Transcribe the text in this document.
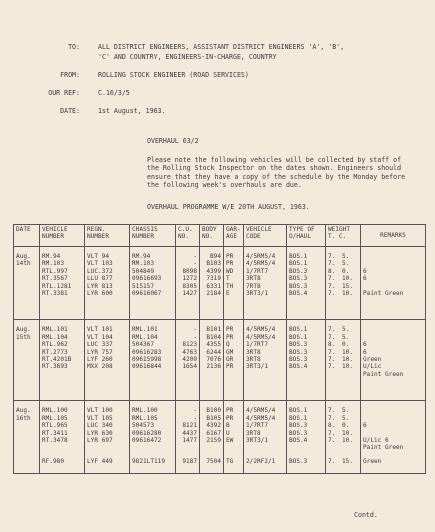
TO:	ALL DISTRICT ENGINEERS, ASSISTANT DISTRICT ENGINEERS 'A', 'B',
'C' AND COUNTRY, ENGINEERS-IN-CHARGE, COUNTRY
FROM:	ROLLING STOCK ENGINEER (ROAD SERVICES)
OUR REF:	C.16/3/5
DATE:	1st August, 1963.
OVERHAUL 63/2
Please note the following vehicles will be collected by staff of the Rolling Stock Inspector on the dates shown. Engineers should ensure that they have a copy of the schedule by the Monday before the following week's overhauls are due.
OVERHAUL PROGRAMME W/E 20TH AUGUST, 1963.
DATE	VEHICLE NUMBER	REGN. NUMBER	CHASSIS NUMBER	C.U. NO.	BODY NO.	GAR-AGE	VEHICLE CODE	TYPE OF O/HAUL	WEIGHT T. C.	REMARKS

Aug.	RM.94	VLT 94	RM.94	-	B94	PR	4/5RM5/4	BOS.1	7. 5.	
14th	RM.103	VLT 103	RM.103	-	B103	PR	4/5RM5/4	BOS.1	7. 5.	
	RTL.997	LUC.372	504849	8098	4399	WD	1/7RT7	BOS.3	8. 0.	6
	RT.3567	LLU 877	09616693	1272	7319	T	3RT8	BOS.3	7. 10.	6
	RTL.1281	LYR 813	515157	8305	6331	TH	7RT8	BOS.3	7. 15.	
	RT.3381	LYR 600	09616067	1427	2184	E	3RT3/1	BOS.4	7. 10.	Paint Green

Aug.	RML.101	VLT 101	RML.101	-	B101	PR	4/5RM5/4	BOS.1	7. 5.	
15th	RML.104	VLT 104	RML.104	-	B104	PR	4/5RM5/4	BOS.1	7. 5.	
	RTL.962	LUC 337	504367	8123	4355	Q	1/7RT7	BOS.3	8. 0.	6
	RT.2773	LYR 757	09616283	4763	6244	GM	3RT8	BOS.3	7. 10.	6
	RT.4201B	LYF 260	09615998	4200	7076	GR	3RT8	BOS.3	7. 10.	Green
	RT.3693	MXX 208	09616844	1654	2136	PR	3RT3/1	BOS.4	7. 10.	U/Lic
										Paint Green

Aug.	RML.100	VLT 100	RML.100	-	B100	PR	4/5RM5/4	BOS.1	7. 5.	
16th	RML.105	VLT 105	RML.105	-	B105	PR	4/5RM5/4	BOS.1	7. 5.	
	RTL.965	LUC 340	504573	8121	4392	B	1/7RT7	BOS.3	8. 0.	6
	RT.3411	LYR 630	09616280	4437	6167	U	3RT8	BOS.3	7. 10.	
	RT.3478	LYR 697	09616472	1477	2159	EW	3RT3/1	BOS.4	7. 10.	U/Lic 6
										Paint Green

	RF.980	LYF 449	9821LT119	9187	7504	TG	2/2RF2/1	BOS.3	7. 15.	Green

Contd.
